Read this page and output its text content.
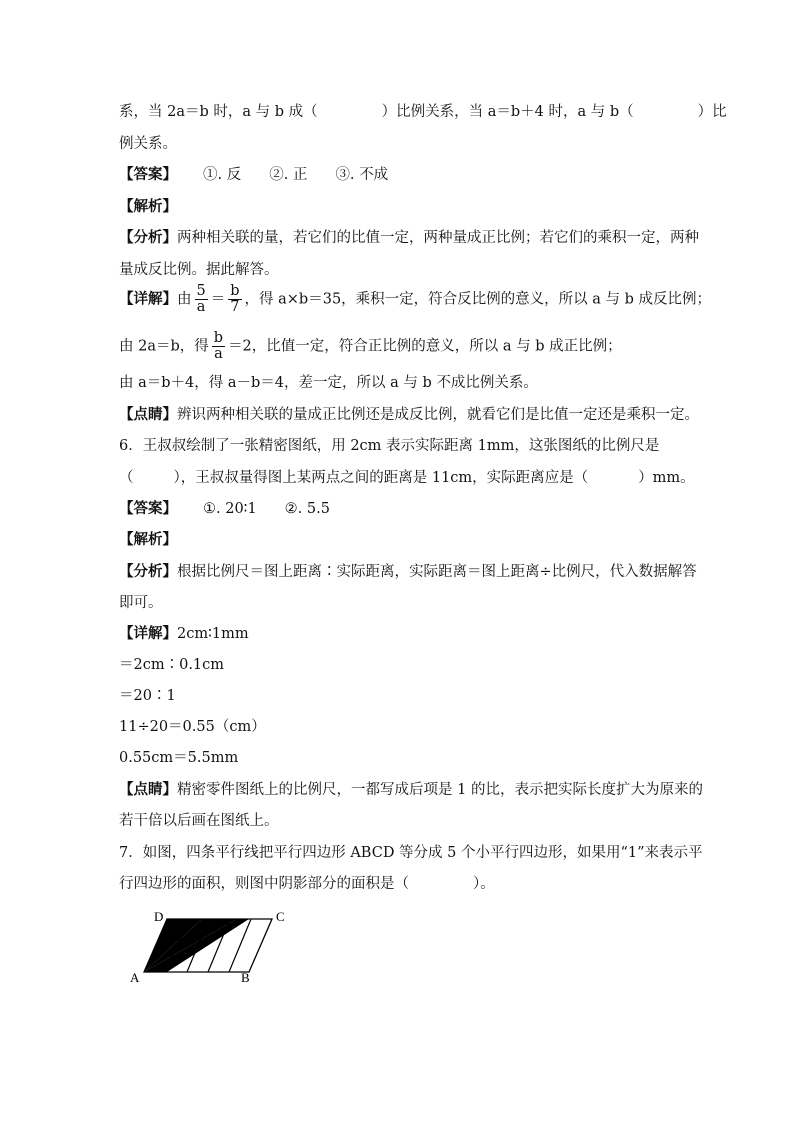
系，当 2a＝b 时，a 与 b 成（	）比例关系，当 a＝b＋4 时，a 与 b（	）比
例关系。
【答案】 ①. 反 ②. 正 ③. 不成
【解析】
【分析】两种相关联的量，若它们的比值一定，两种量成正比例；若它们的乘积一定，两种
量成反比例。据此解答。
【详解】由 $\frac{5}{a} = \frac{b}{7}$ ，得 a×b＝35，乘积一定，符合反比例的意义，所以 a 与 b 成反比例；
由 2a＝b，得 $\frac{b}{a} =2$，比值一定，符合正比例的意义，所以 a 与 b 成正比例；
由 a＝b＋4，得 a－b＝4，差一定，所以 a 与 b 不成比例关系。
【点睛】辨识两种相关联的量成正比例还是成反比例，就看它们是比值一定还是乘积一定。
6．王叔叔绘制了一张精密图纸，用 2cm 表示实际距离 1mm，这张图纸的比例尺是
（	），王叔叔量得图上某两点之间的距离是 11cm，实际距离应是（	）mm。
【答案】 ①. 20∶1 ②. 5.5
【解析】
【分析】根据比例尺＝图上距离∶实际距离，实际距离＝图上距离÷比例尺，代入数据解答
即可。
【详解】2cm∶1mm
＝2cm∶0.1cm
＝20∶1
11÷20＝0.55（cm）
0.55cm＝5.5mm
【点睛】精密零件图纸上的比例尺，一都写成后项是 1 的比，表示把实际长度扩大为原来的
若干倍以后画在图纸上。
7．如图，四条平行线把平行四边形 ABCD 等分成 5 个小平行四边形，如果用“1”来表示平
行四边形的面积，则图中阴影部分的面积是（	）。
D	C
A	B
